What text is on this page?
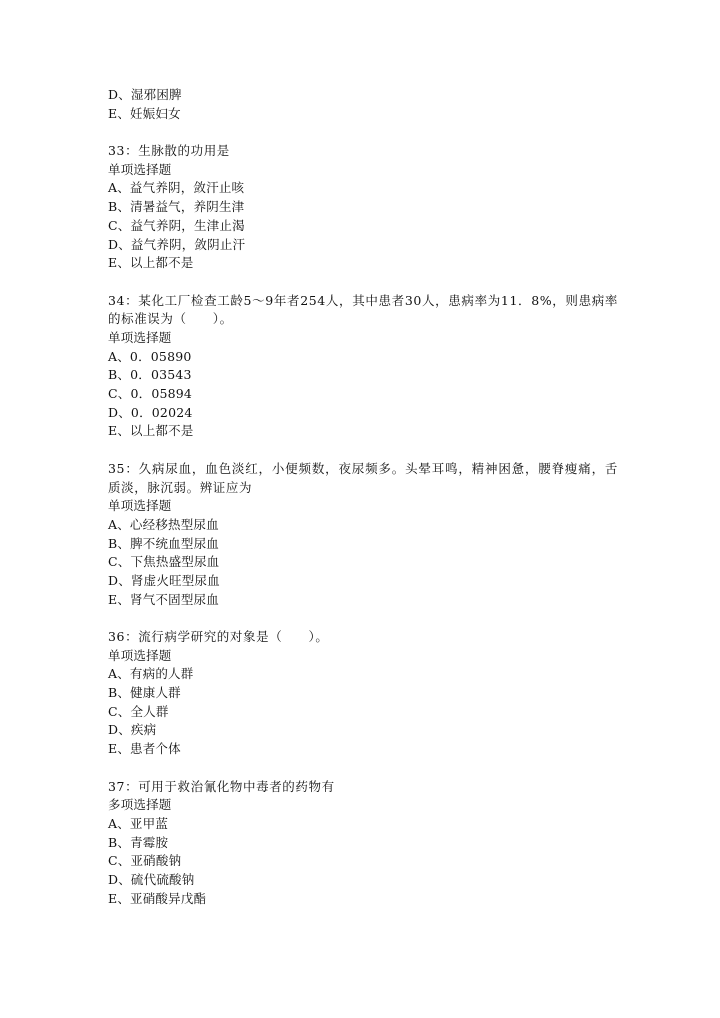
D、湿邪困脾
E、妊娠妇女
33：生脉散的功用是
单项选择题
A、益气养阴，敛汗止咳
B、清暑益气，养阴生津
C、益气养阴，生津止渴
D、益气养阴，敛阴止汗
E、以上都不是
34：某化工厂检查工龄5～9年者254人，其中患者30人，患病率为11．8%，则患病率的标准误为（　　）。
单项选择题
A、0．05890
B、0．03543
C、0．05894
D、0．02024
E、以上都不是
35：久病尿血，血色淡红，小便频数，夜尿频多。头晕耳鸣，精神困惫，腰脊瘦痛，舌质淡，脉沉弱。辨证应为
单项选择题
A、心经移热型尿血
B、脾不统血型尿血
C、下焦热盛型尿血
D、肾虚火旺型尿血
E、肾气不固型尿血
36：流行病学研究的对象是（　　）。
单项选择题
A、有病的人群
B、健康人群
C、全人群
D、疾病
E、患者个体
37：可用于救治氰化物中毒者的药物有
多项选择题
A、亚甲蓝
B、青霉胺
C、亚硝酸钠
D、硫代硫酸钠
E、亚硝酸异戊酯
